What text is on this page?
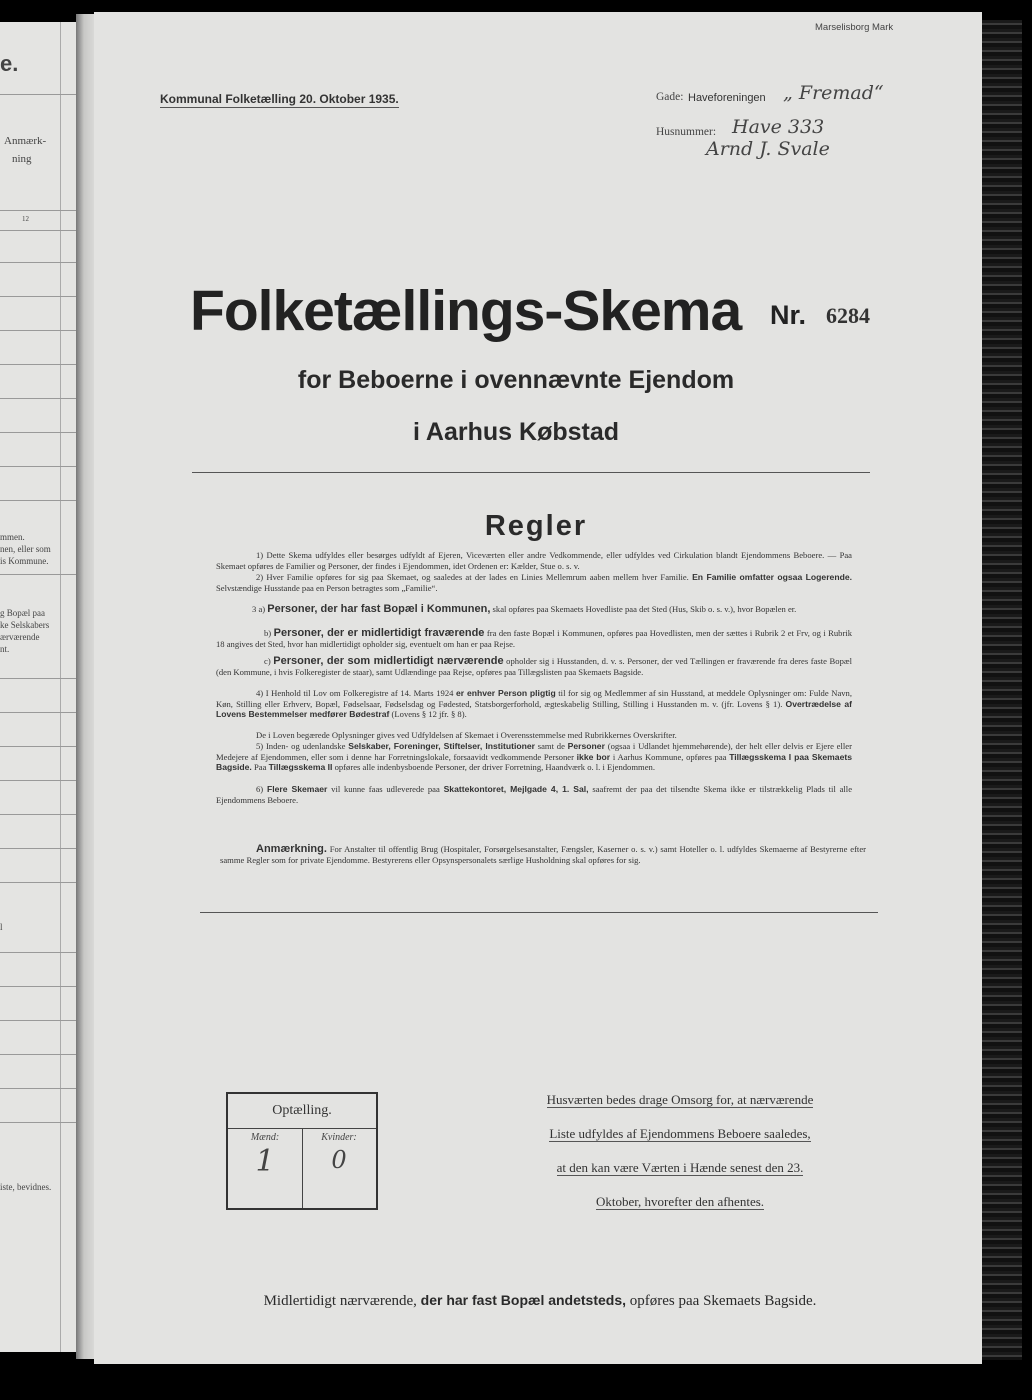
e.
Anmærk-
ning
12
mmen.
nen, eller som
is Kommune.
g Bopæl paa
ke Selskabers
ærværende
nt.
l
iste, bevidnes.
Marselisborg Mark
Kommunal Folketælling 20. Oktober 1935.	Gade: Haveforeningen „ Fremad“
Husnummer: Have 333
Arnd J. Svale
Folketællings-Skema Nr. 6284
for Beboerne i ovennævnte Ejendom
i Aarhus Købstad
Regler
1) Dette Skema udfyldes eller besørges udfyldt af Ejeren, Viceværten eller andre Vedkommende, eller udfyldes ved Cirkulation blandt Ejendommens Beboere. — Paa Skemaet opføres de Familier og Personer, der findes i Ejendommen, idet Ordenen er: Kælder, Stue o. s. v.
2) Hver Familie opføres for sig paa Skemaet, og saaledes at der lades en Linies Mellemrum aaben mellem hver Familie. En Familie omfatter ogsaa Logerende. Selvstændige Husstande paa en Person betragtes som „Familie“.
3 a) Personer, der har fast Bopæl i Kommunen, skal opføres paa Skemaets Hovedliste paa det Sted (Hus, Skib o. s. v.), hvor Bopælen er.
b) Personer, der er midlertidigt fraværende fra den faste Bopæl i Kommunen, opføres paa Hovedlisten, men der sættes i Rubrik 2 et Frv, og i Rubrik 18 angives det Sted, hvor han midlertidigt opholder sig, eventuelt om han er paa Rejse.
c) Personer, der som midlertidigt nærværende opholder sig i Husstanden, d. v. s. Personer, der ved Tællingen er fraværende fra deres faste Bopæl (den Kommune, i hvis Folkeregister de staar), samt Udlændinge paa Rejse, opføres paa Tillægslisten paa Skemaets Bagside.
4) I Henhold til Lov om Folkeregistre af 14. Marts 1924 er enhver Person pligtig til for sig og Medlemmer af sin Husstand, at meddele Oplysninger om: Fulde Navn, Køn, Stilling eller Erhverv, Bopæl, Fødselsaar, Fødselsdag og Fødested, Statsborgerforhold, ægteskabelig Stilling, Stilling i Husstanden m. v. (jfr. Lovens § 1). Overtrædelse af Lovens Bestemmelser medfører Bødestraf (Lovens § 12 jfr. § 8).
De i Loven begærede Oplysninger gives ved Udfyldelsen af Skemaet i Overensstemmelse med Rubrikkernes Overskrifter.
5) Inden- og udenlandske Selskaber, Foreninger, Stiftelser, Institutioner samt de Personer (ogsaa i Udlandet hjemmehørende), der helt eller delvis er Ejere eller Medejere af Ejendommen, eller som i denne har Forretningslokale, forsaavidt vedkommende Personer ikke bor i Aarhus Kommune, opføres paa Tillægsskema I paa Skemaets Bagside. Paa Tillægsskema II opføres alle indenbysboende Personer, der driver Forretning, Haandværk o. l. i Ejendommen.
6) Flere Skemaer vil kunne faas udleverede paa Skattekontoret, Mejlgade 4, 1. Sal, saafremt der paa det tilsendte Skema ikke er tilstrækkelig Plads til alle Ejendommens Beboere.
Anmærkning. For Anstalter til offentlig Brug (Hospitaler, Forsørgelsesanstalter, Fængsler, Kaserner o. s. v.) samt Hoteller o. l. udfyldes Skemaerne af Bestyrerne efter samme Regler som for private Ejendomme. Bestyrerens eller Opsynspersonalets særlige Husholdning skal opføres for sig.
Optælling.
Mænd:	Kvinder:
1	0
Husværten bedes drage Omsorg for, at nærværende
Liste udfyldes af Ejendommens Beboere saaledes,
at den kan være Værten i Hænde senest den 23.
Oktober, hvorefter den afhentes.
Midlertidigt nærværende, der har fast Bopæl andetsteds, opføres paa Skemaets Bagside.
